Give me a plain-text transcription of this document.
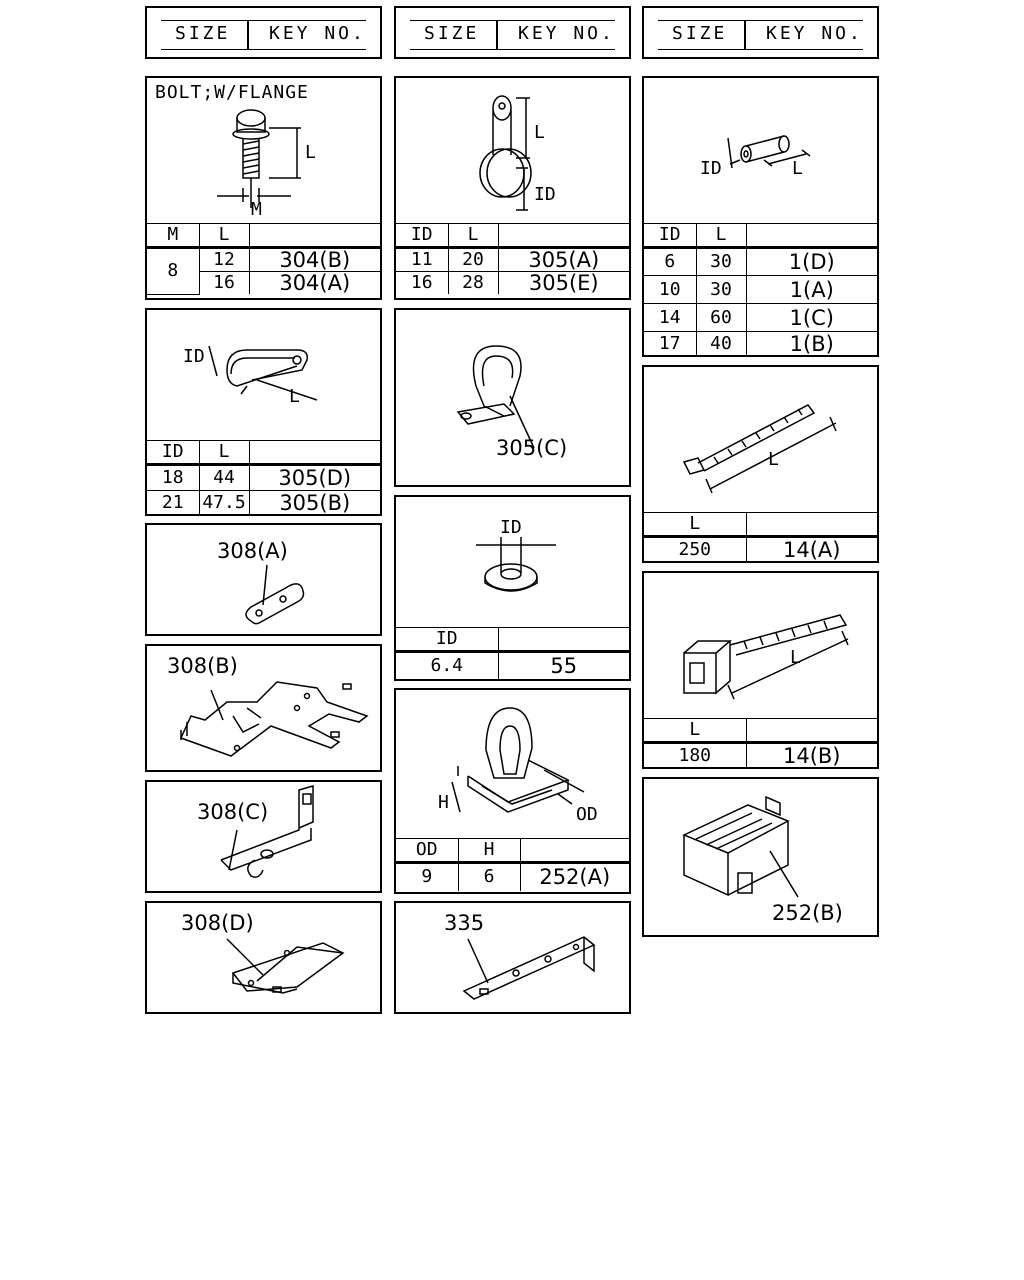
SIZE KEY NO.	SIZE KEY NO.	SIZE KEY NO.
BOLT;W/FLANGE
L
M
M	L	
8	12	304(B)
	16	304(A)
L
ID
ID	L	
11	20	305(A)
16	28	305(E)
ID	L
ID	L	
6	30	1(D)
10	30	1(A)
14	60	1(C)
17	40	1(B)
ID
L
ID	L	
18	44	305(D)
21	47.5	305(B)
305(C)	L
L	
250	14(A)
ID
ID	
6.4	55
308(A)
L
L	
180	14(B)
308(B)
H
OD
OD	H	
9	6	252(A)
252(B)
308(C)
308(D)	335
